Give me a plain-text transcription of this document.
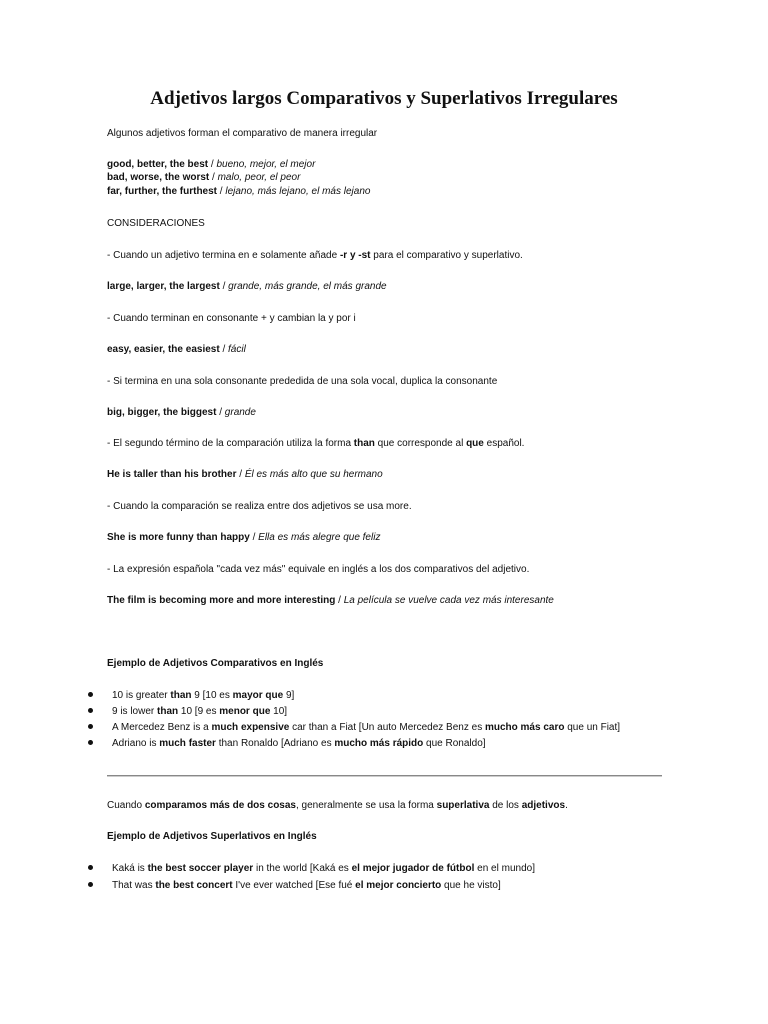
Adjetivos largos Comparativos y Superlativos Irregulares
Algunos adjetivos forman el comparativo de manera irregular
good, better, the best / bueno, mejor, el mejor
bad, worse, the worst / malo, peor, el peor
far, further, the furthest / lejano, más lejano, el más lejano
CONSIDERACIONES
- Cuando un adjetivo termina en e solamente añade -r y -st para el comparativo y superlativo.
large, larger, the largest / grande, más grande, el más grande
- Cuando terminan en consonante + y cambian la y por i
easy, easier, the easiest / fácil
- Si termina en una sola consonante prededida de una sola vocal, duplica la consonante
big, bigger, the biggest / grande
- El segundo término de la comparación utiliza la forma than que corresponde al que español.
He is taller than his brother / Él es más alto que su hermano
- Cuando la comparación se realiza entre dos adjetivos se usa more.
She is more funny than happy / Ella es más alegre que feliz
- La expresión española "cada vez más" equivale en inglés a los dos comparativos del adjetivo.
The film is becoming more and more interesting / La película se vuelve cada vez más interesante
Ejemplo de Adjetivos Comparativos en Inglés
10 is greater than 9 [10 es mayor que 9]
9 is lower than 10 [9 es menor que 10]
A Mercedez Benz is a much expensive car than a Fiat [Un auto Mercedez Benz es mucho más caro que un Fiat]
Adriano is much faster than Ronaldo [Adriano es mucho más rápido que Ronaldo]
Cuando comparamos más de dos cosas, generalmente se usa la forma superlativa de los adjetivos.
Ejemplo de Adjetivos Superlativos en Inglés
Kaká is the best soccer player in the world [Kaká es el mejor jugador de fútbol en el mundo]
That was the best concert I've ever watched [Ese fué el mejor concierto que he visto]
